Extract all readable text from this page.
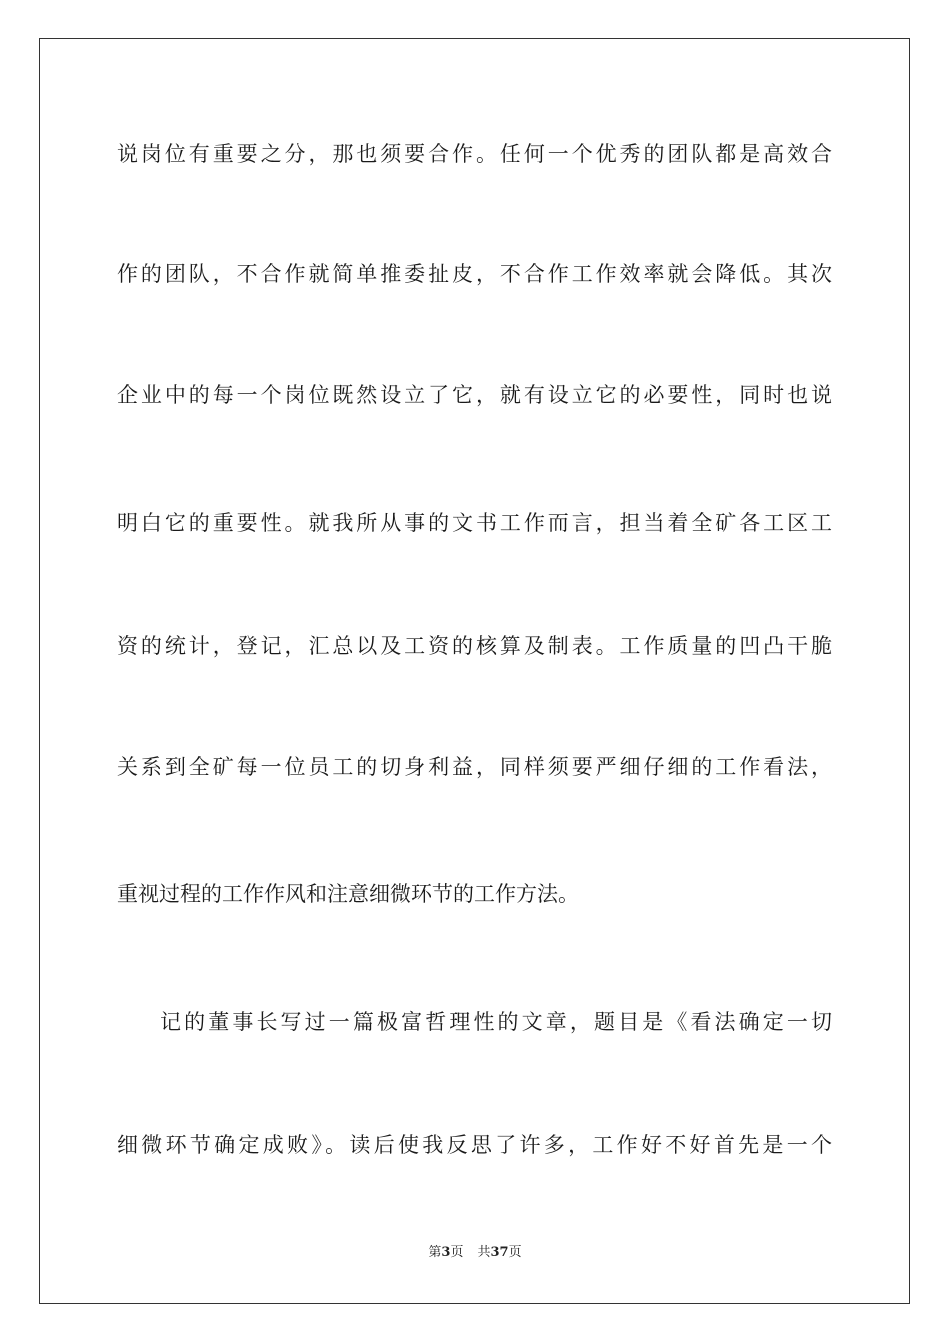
说岗位有重要之分，那也须要合作。任何一个优秀的团队都是高效合
作的团队，不合作就简单推委扯皮，不合作工作效率就会降低。其次
企业中的每一个岗位既然设立了它，就有设立它的必要性，同时也说
明白它的重要性。就我所从事的文书工作而言，担当着全矿各工区工
资的统计，登记，汇总以及工资的核算及制表。工作质量的凹凸干脆
关系到全矿每一位员工的切身利益，同样须要严细仔细的工作看法，
重视过程的工作作风和注意细微环节的工作方法。
记的董事长写过一篇极富哲理性的文章，题目是《看法确定一切
细微环节确定成败》。读后使我反思了许多，工作好不好首先是一个
第3页 共37页
